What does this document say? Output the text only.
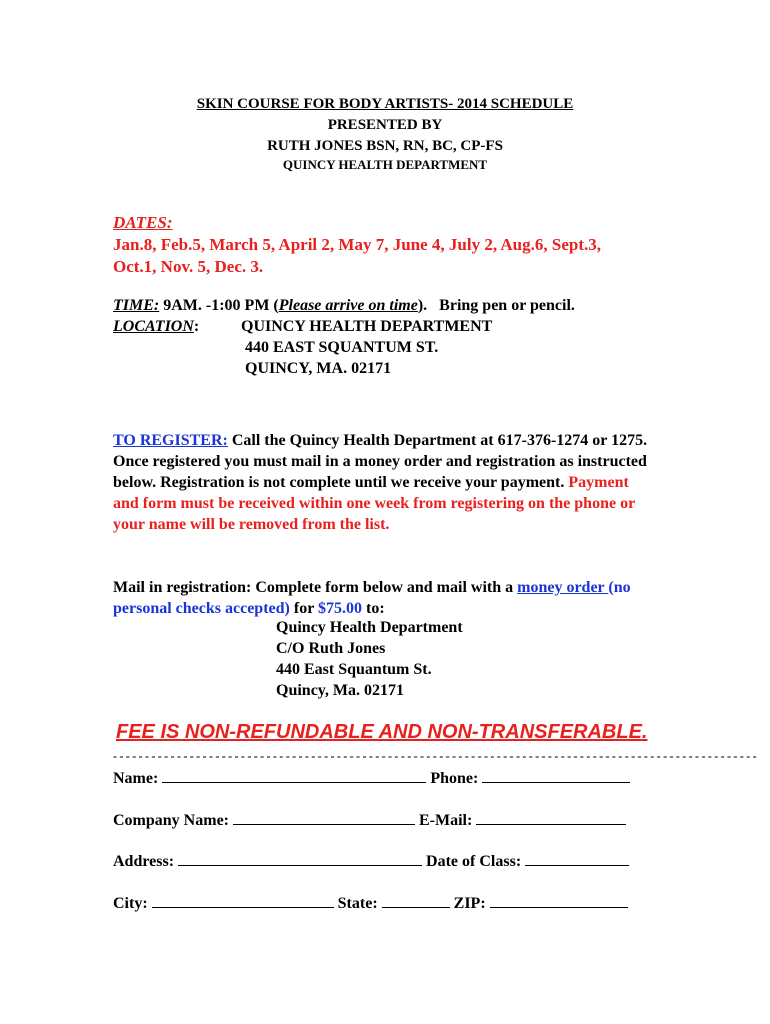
SKIN COURSE FOR BODY ARTISTS- 2014 SCHEDULE
PRESENTED BY
RUTH JONES BSN, RN, BC, CP-FS
QUINCY HEALTH DEPARTMENT
DATES:
Jan.8, Feb.5, March 5, April 2, May 7, June 4, July 2, Aug.6, Sept.3,
Oct.1, Nov. 5, Dec. 3.
TIME: 9AM. -1:00 PM (Please arrive on time).   Bring pen or pencil.
LOCATION:	QUINCY HEALTH DEPARTMENT
440 EAST SQUANTUM ST.
QUINCY, MA. 02171
TO REGISTER: Call the Quincy Health Department at 617-376-1274 or 1275. Once registered you must mail in a money order and registration as instructed below. Registration is not complete until we receive your payment. Payment and form must be received within one week from registering on the phone or your name will be removed from the list.
Mail in registration: Complete form below and mail with a money order (no personal checks accepted) for $75.00 to:
Quincy Health Department
C/O Ruth Jones
440 East Squantum St.
Quincy, Ma. 02171
FEE IS NON-REFUNDABLE AND NON-TRANSFERABLE.
- - - - - - - - - - - - - - - - - - - - - - - - - - - - - - - - - - - - - - - - - - - - - - - - - - - - - - - - - - - - - - - - - - - - - - - - - - - - - - - - - - - - - - - - - - - - - - - - - - - - -
Name:	Phone:
Company Name:	E-Mail:
Address:	Date of Class:
City:	State:	ZIP:
